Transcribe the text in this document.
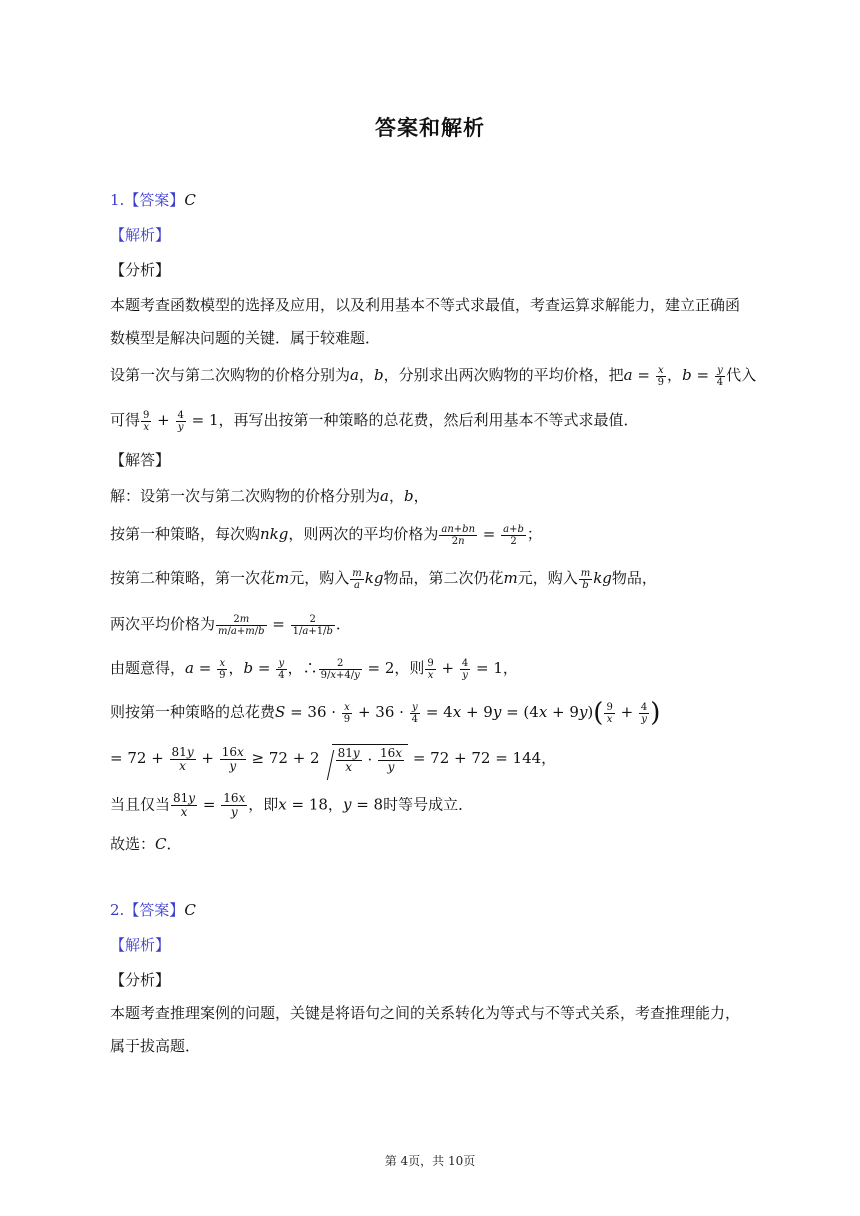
答案和解析
1.【答案】C
【解析】
【分析】
本题考查函数模型的选择及应用，以及利用基本不等式求最值，考查运算求解能力，建立正确函
数模型是解决问题的关键．属于较难题．
设第一次与第二次购物的价格分别为a，b，分别求出两次购物的平均价格，把$a = \frac{x}{9}$ ，$b = \frac{y}{4}$ 代入
可得 $\frac{9}{x} + \frac{4}{y} = 1$，再写出按第一种策略的总花费，然后利用基本不等式求最值．
【解答】
解：设第一次与第二次购物的价格分别为a，b，
按第一种策略，每次购nkg，则两次的平均价格为 $\frac{an+bn}{2n} = \frac{a+b}{2}$ ；
按第二种策略，第一次花m元，购入 $\frac{m}{a}$ kg物品，第二次仍花m元，购入 $\frac{m}{b}$ kg物品，
两次平均价格为 $\frac{2m}{m/a+m/b} = \frac{2}{1/a+1/b}$ ．
由题意得，$a = \frac{x}{9}$ ，$b = \frac{y}{4}$ ，∴ $\frac{2}{9/x+4/y} = 2$，则 $\frac{9}{x} + \frac{4}{y} = 1$，
则按第一种策略的总花费$S = 36 \cdot \frac{x}{9} + 36 \cdot \frac{y}{4} = 4x + 9y = (4x + 9y)( \frac{9}{x} + \frac{4}{y}$ )
= $72 + \frac{81y}{x} + \frac{16x}{y} \ge 72 + 2 \frac{81y}{x} \cdot \frac{16x}{y} = 72 + 72 = 144$，
当且仅当 $\frac{81y}{x} = \frac{16x}{y}$ ，即x = 18，y = 8时等号成立．
故选：C．
2.【答案】C
【解析】
【分析】
本题考查推理案例的问题，关键是将语句之间的关系转化为等式与不等式关系，考查推理能力，
属于拔高题．
第 4页，共 10页
